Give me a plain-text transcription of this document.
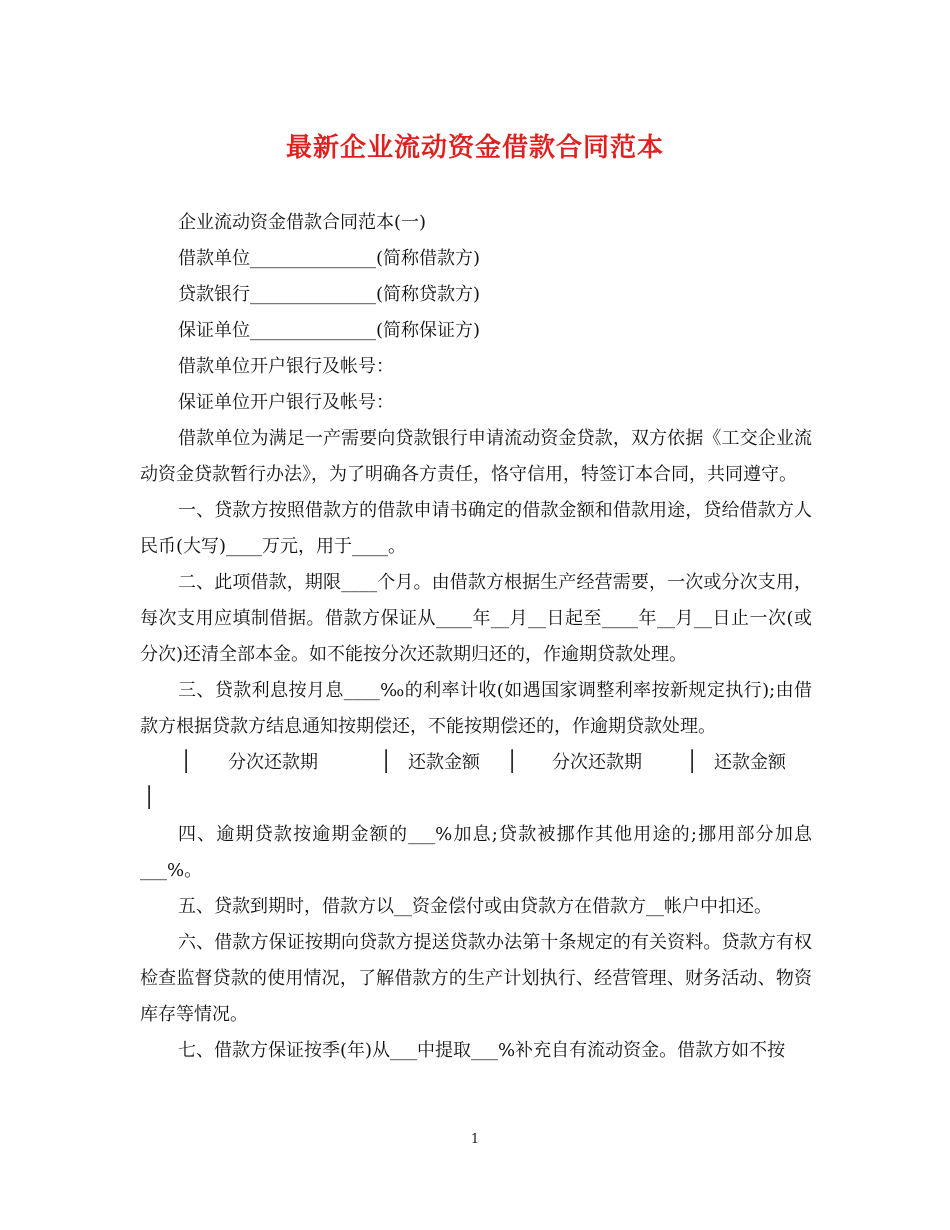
最新企业流动资金借款合同范本

企业流动资金借款合同范本(一)

借款单位______________(简称借款方)

贷款银行______________(简称贷款方)

保证单位______________(简称保证方)

借款单位开户银行及帐号：

保证单位开户银行及帐号：

借款单位为满足一产需要向贷款银行申请流动资金贷款，双方依据《工交企业流动资金贷款暂行办法》，为了明确各方责任，恪守信用，特签订本合同，共同遵守。

一、贷款方按照借款方的借款申请书确定的借款金额和借款用途，贷给借款方人民币(大写)____万元，用于____。

二、此项借款，期限____个月。由借款方根据生产经营需要，一次或分次支用，每次支用应填制借据。借款方保证从____年__月__日起至____年__月__日止一次(或分次)还清全部本金。如不能按分次还款期归还的，作逾期贷款处理。

三、贷款利息按月息____‰的利率计收(如遇国家调整利率按新规定执行);由借款方根据贷款方结息通知按期偿还，不能按期偿还的，作逾期贷款处理。

│ 分次还款期	│ 还款金额 │ 分次还款期 │ 还款金额
│

四、逾期贷款按逾期金额的___%加息;贷款被挪作其他用途的;挪用部分加息___%。

五、贷款到期时，借款方以__资金偿付或由贷款方在借款方__帐户中扣还。

六、借款方保证按期向贷款方提送贷款办法第十条规定的有关资料。贷款方有权检查监督贷款的使用情况，了解借款方的生产计划执行、经营管理、财务活动、物资库存等情况。

七、借款方保证按季(年)从___中提取___%补充自有流动资金。借款方如不按

1
